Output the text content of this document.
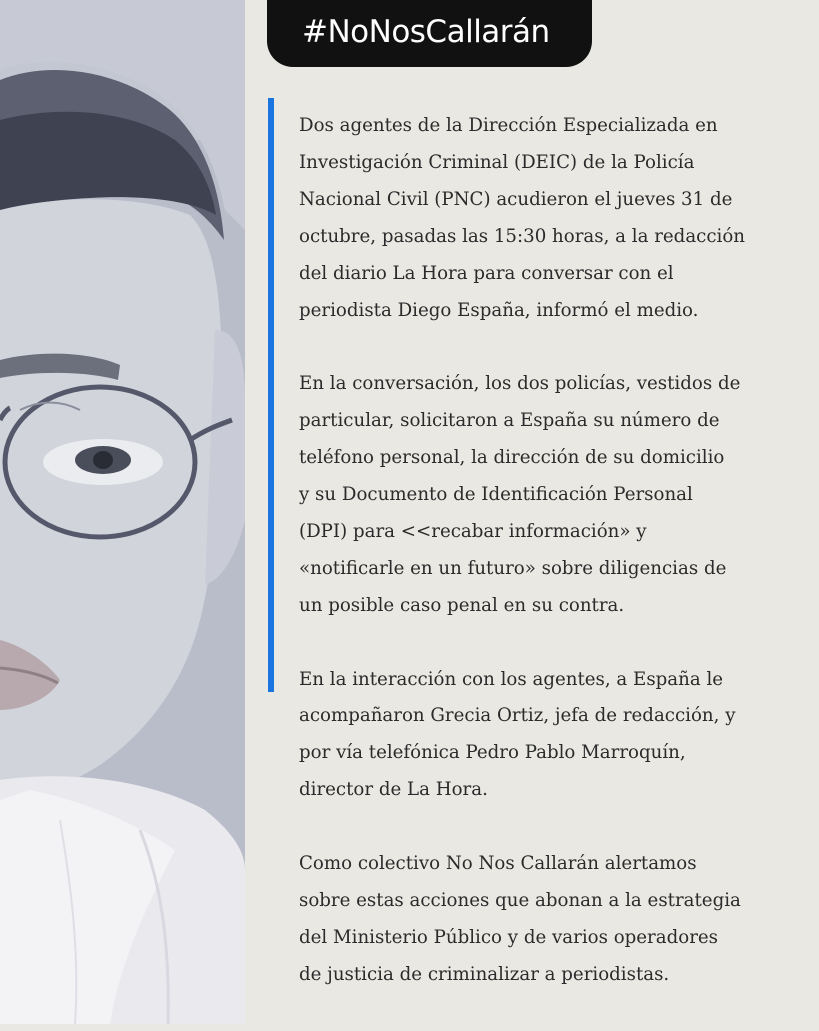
#NoNosCallarán

Dos agentes de la Dirección Especializada en
Investigación Criminal (DEIC) de la Policía
Nacional Civil (PNC) acudieron el jueves 31 de
octubre, pasadas las 15:30 horas, a la redacción
del diario La Hora para conversar con el
periodista Diego España, informó el medio.

En la conversación, los dos policías, vestidos de
particular, solicitaron a España su número de
teléfono personal, la dirección de su domicilio
y su Documento de Identificación Personal
(DPI) para <<recabar información» y
«notificarle en un futuro» sobre diligencias de
un posible caso penal en su contra.

En la interacción con los agentes, a España le
acompañaron Grecia Ortiz, jefa de redacción, y
por vía telefónica Pedro Pablo Marroquín,
director de La Hora.

Como colectivo No Nos Callarán alertamos
sobre estas acciones que abonan a la estrategia
del Ministerio Público y de varios operadores
de justicia de criminalizar a periodistas.
